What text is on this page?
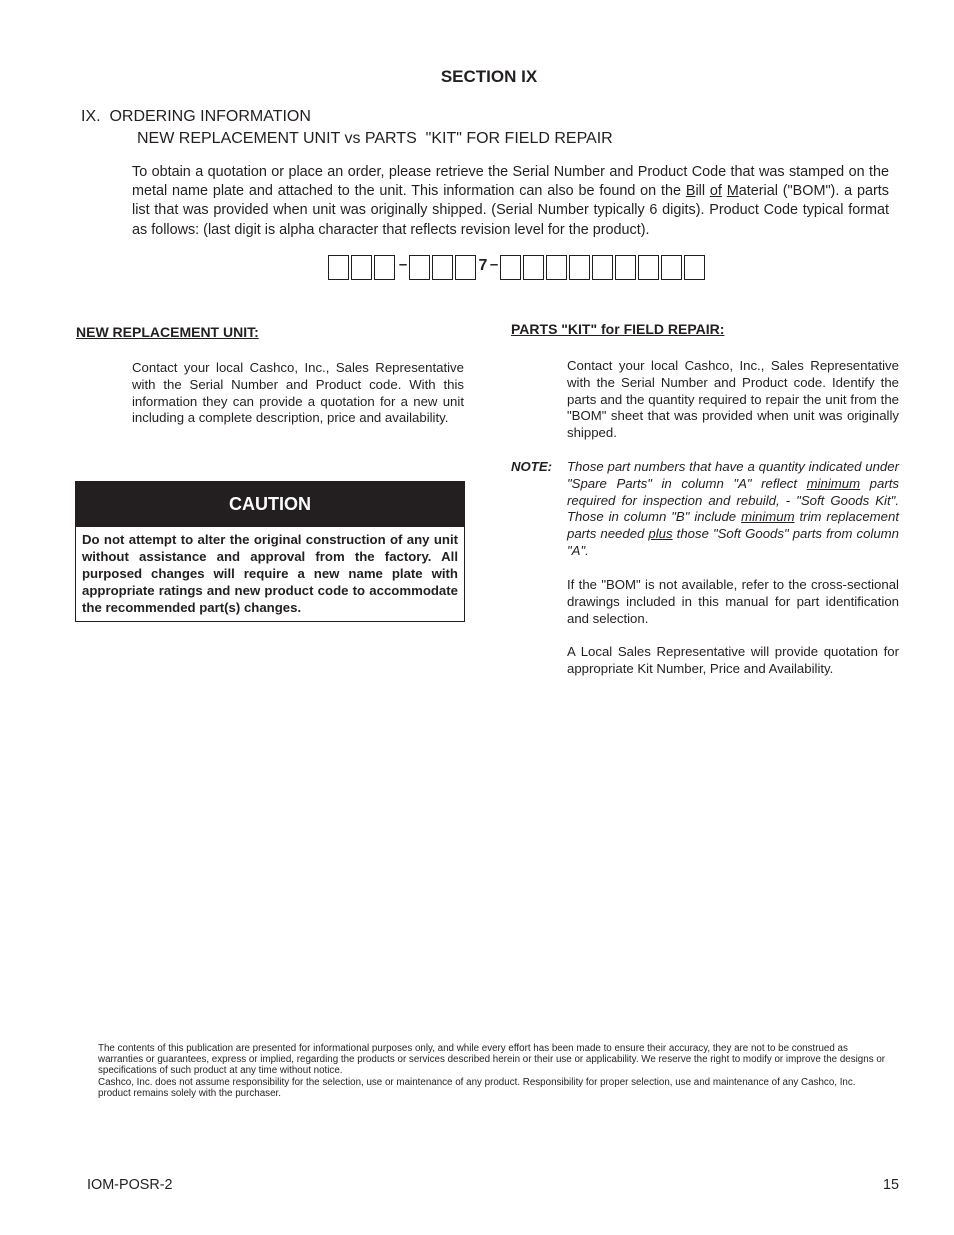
SECTION IX
IX.  ORDERING INFORMATION
NEW REPLACEMENT UNIT vs PARTS  "KIT" FOR FIELD REPAIR

To obtain a quotation or place an order, please retrieve the Serial Number and Product Code that was stamped on the metal name plate and attached to the unit. This information can also be found on the Bill of Material ("BOM"). a parts list that was provided when unit was originally shipped. (Serial Number typically 6 digits). Product Code typical format as follows: (last digit is alpha character that reflects revision level for the product).

–	7 –
NEW REPLACEMENT UNIT:
Contact your local Cashco, Inc., Sales Representative with the Serial Number and Product code. With this information they can provide a quotation for a new unit including a complete description, price and availability.
CAUTION
Do not attempt to alter the original construction of any unit without assistance and approval from the factory. All purposed changes will require a new name plate with appropriate ratings and new product code to accommodate the recommended part(s) changes.
PARTS "KIT" for FIELD REPAIR:
Contact your local Cashco, Inc., Sales Representative with the Serial Number and Product code. Identify the parts and the quantity required to repair the unit from the "BOM" sheet that was provided when unit was originally shipped.
NOTE: Those part numbers that have a quantity indicated under "Spare Parts" in column "A" reflect minimum parts required for inspection and rebuild, - "Soft Goods Kit". Those in column "B" include minimum trim replacement parts needed plus those "Soft Goods" parts from column "A".
If the "BOM" is not available, refer to the cross-sectional drawings included in this manual for part identification and selection.
A Local Sales Representative will provide quotation for appropriate Kit Number, Price and Availability.

The contents of this publication are presented for informational purposes only, and while every effort has been made to ensure their accuracy, they are not to be construed as warranties or guarantees, express or implied, regarding the products or services described herein or their use or applicability. We reserve the right to modify or improve the designs or specifications of such product at any time without notice.

Cashco, Inc. does not assume responsibility for the selection, use or maintenance of any product. Responsibility for proper selection, use and maintenance of any Cashco, Inc. product remains solely with the purchaser.

IOM-POSR-2	15
